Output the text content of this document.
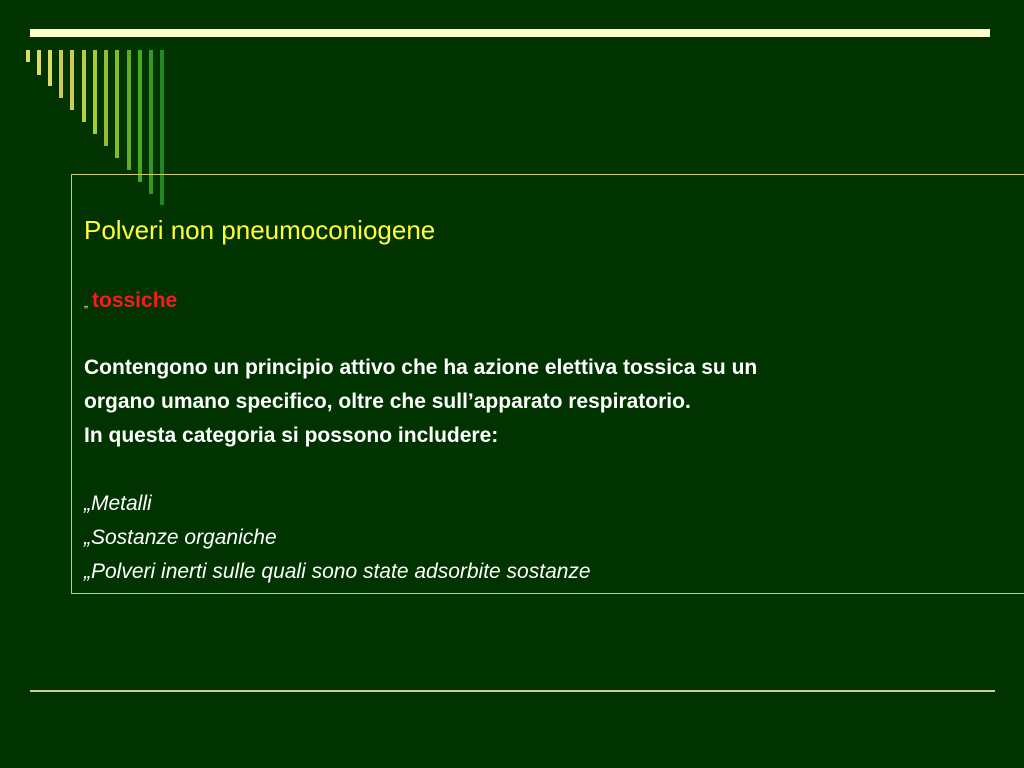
Polveri non pneumoconiogene
„ tossiche
Contengono un principio attivo che ha azione elettiva tossica su un
organo umano specifico, oltre che sull’apparato respiratorio.
In questa categoria si possono includere:
„Metalli
„Sostanze organiche
„Polveri inerti sulle quali sono state adsorbite sostanze
